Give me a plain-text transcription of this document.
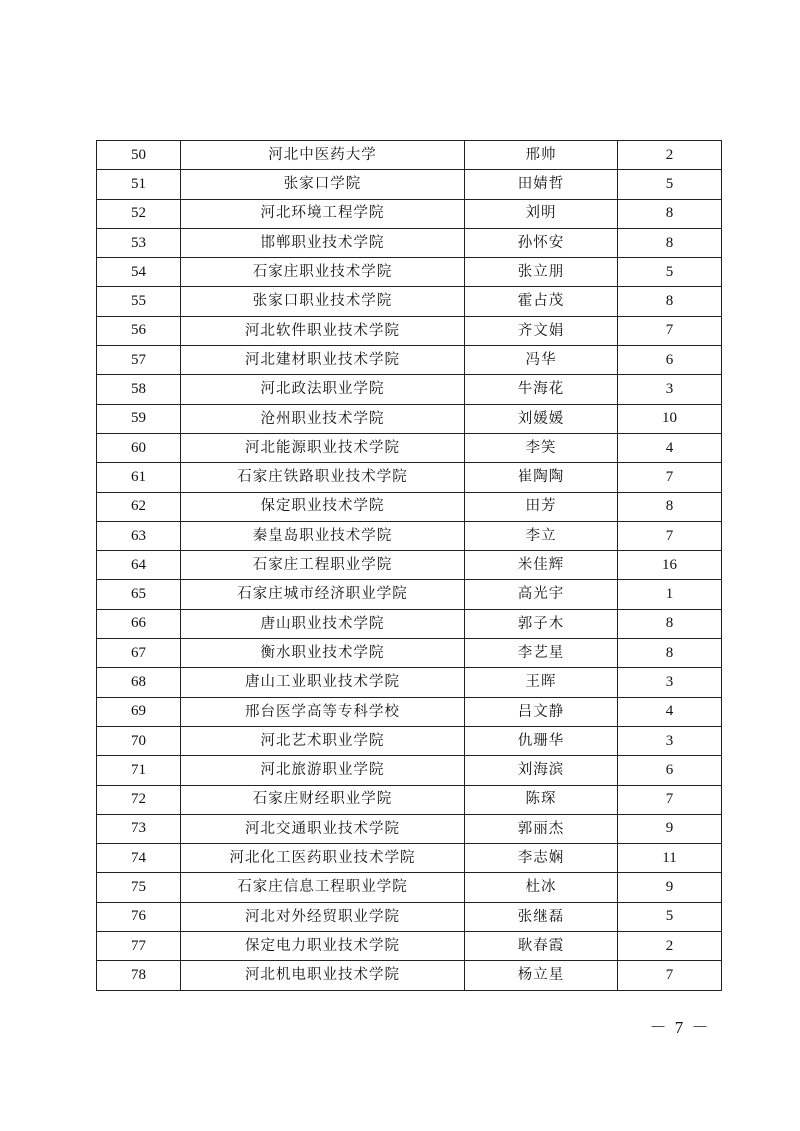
50	河北中医药大学	邢帅	2
51	张家口学院	田婧哲	5
52	河北环境工程学院	刘明	8
53	邯郸职业技术学院	孙怀安	8
54	石家庄职业技术学院	张立朋	5
55	张家口职业技术学院	霍占茂	8
56	河北软件职业技术学院	齐文娟	7
57	河北建材职业技术学院	冯华	6
58	河北政法职业学院	牛海花	3
59	沧州职业技术学院	刘媛媛	10
60	河北能源职业技术学院	李笑	4
61	石家庄铁路职业技术学院	崔陶陶	7
62	保定职业技术学院	田芳	8
63	秦皇岛职业技术学院	李立	7
64	石家庄工程职业学院	米佳辉	16
65	石家庄城市经济职业学院	高光宇	1
66	唐山职业技术学院	郭子木	8
67	衡水职业技术学院	李艺星	8
68	唐山工业职业技术学院	王晖	3
69	邢台医学高等专科学校	吕文静	4
70	河北艺术职业学院	仇珊华	3
71	河北旅游职业学院	刘海滨	6
72	石家庄财经职业学院	陈琛	7
73	河北交通职业技术学院	郭丽杰	9
74	河北化工医药职业技术学院	李志娴	11
75	石家庄信息工程职业学院	杜冰	9
76	河北对外经贸职业学院	张继磊	5
77	保定电力职业技术学院	耿春霞	2
78	河北机电职业技术学院	杨立星	7
－ 7 －
